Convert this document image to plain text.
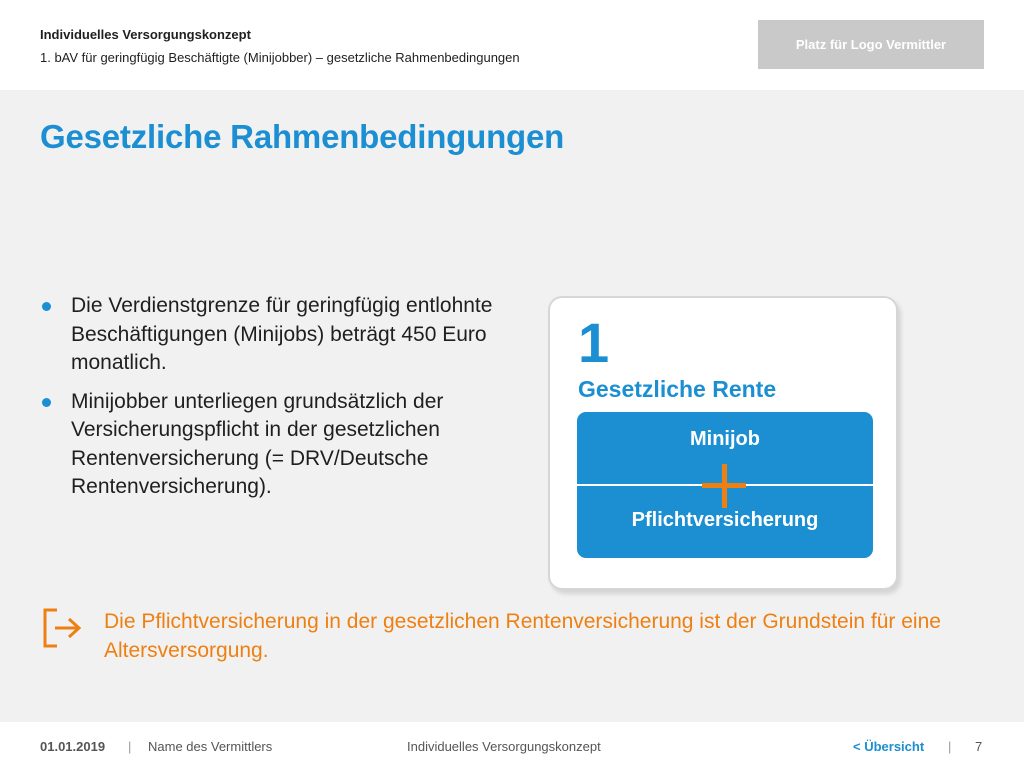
Individuelles Versorgungskonzept
1. bAV für geringfügig Beschäftigte (Minijobber) – gesetzliche Rahmenbedingungen
Platz für Logo Vermittler
Gesetzliche Rahmenbedingungen
Die Verdienstgrenze für geringfügig entlohnte Beschäftigungen (Minijobs) beträgt 450 Euro monatlich.
Minijobber unterliegen grundsätzlich der Versicherungspflicht in der gesetzlichen Rentenversicherung (= DRV/Deutsche Rentenversicherung).
1
Gesetzliche Rente
Minijob
Pflichtversicherung
Die Pflichtversicherung in der gesetzlichen Rentenversicherung ist der Grundstein für eine Altersversorgung.
01.01.2019 | Name des Vermittlers	Individuelles Versorgungskonzept	< Übersicht | 7
